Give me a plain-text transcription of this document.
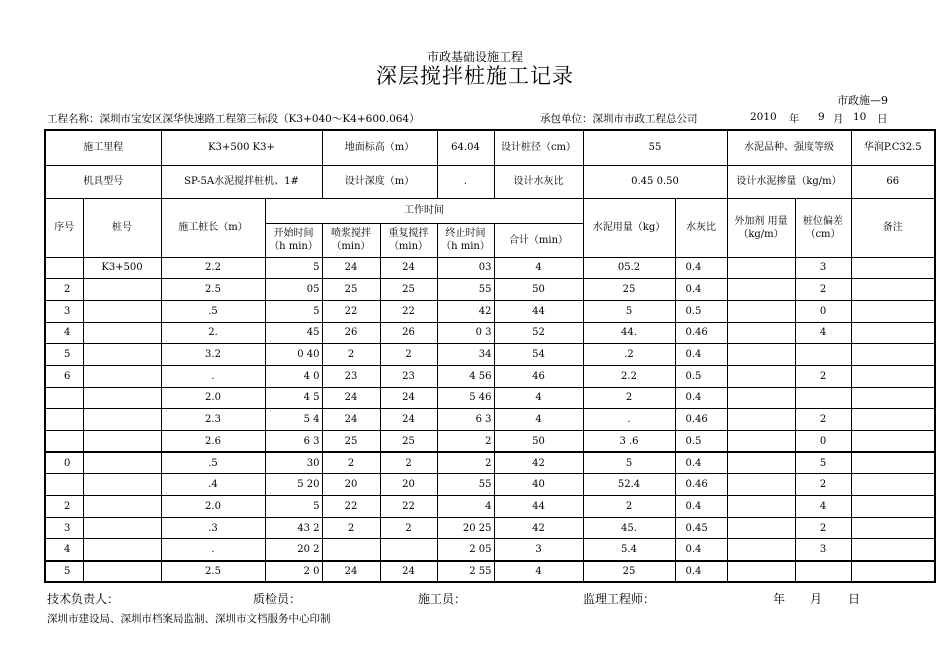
市政基础设施工程
深层搅拌桩施工记录
市政施—9
工程名称：深圳市宝安区深华快速路工程第三标段（K3+040～K4+600.064）	承包单位：深圳市市政工程总公司	2010 年 9 月 10 日
施工里程		K3+500 K3+		地面标高（m）		64.04	设计桩径（cm）	55		水泥品种、强度等级		华润P.C32.5
机具型号		SP-5A水泥搅拌桩机、1#		设计深度（m）		.	设计水灰比	0.45 0.50		设计水泥掺量（kg/m）		66
序号	桩号	施工桩长（m）	工作时间					水泥用量（kg）	水灰比	外加剂 用量（kg/m）	桩位偏差（cm）	备注
			开始时间（h min）	喷浆搅拌（min）	重复搅拌（min）	终止时间（h min）	合计（min）					
	K3+500	2.2	5	24	24	03	4	05.2	0.4		3	
2		2.5	05	25	25	55	50	25	0.4		2	
3		.5	5	22	22	42	44	5	0.5		0	
4		2.	45	26	26	0 3	52	44.	0.46		4	
5		3.2	0 40	2	2	34	54	.2	0.4			
6		.	4 0	23	23	4 56	46	2.2	0.5		2	
		2.0	4 5	24	24	5 46	4	2	0.4			
		2.3	5 4	24	24	6 3	4	.	0.46		2	
		2.6	6 3	25	25	2	50	3 .6	0.5		0	
0		.5	30	2	2	2	42	5	0.4		5	
		.4	5 20	20	20	55	40	52.4	0.46		2	
2		2.0	5	22	22	4	44	2	0.4		4	
3		.3	43 2	2	2	20 25	42	45.	0.45		2	
4		.	20 2			2 05	3	5.4	0.4		3	
5		2.5	2 0	24	24	2 55	4	25	0.4			
技术负责人：	质检员：	施工员：	监理工程师：	年 月 日
深圳市建设局、深圳市档案局监制、深圳市文档服务中心印制
